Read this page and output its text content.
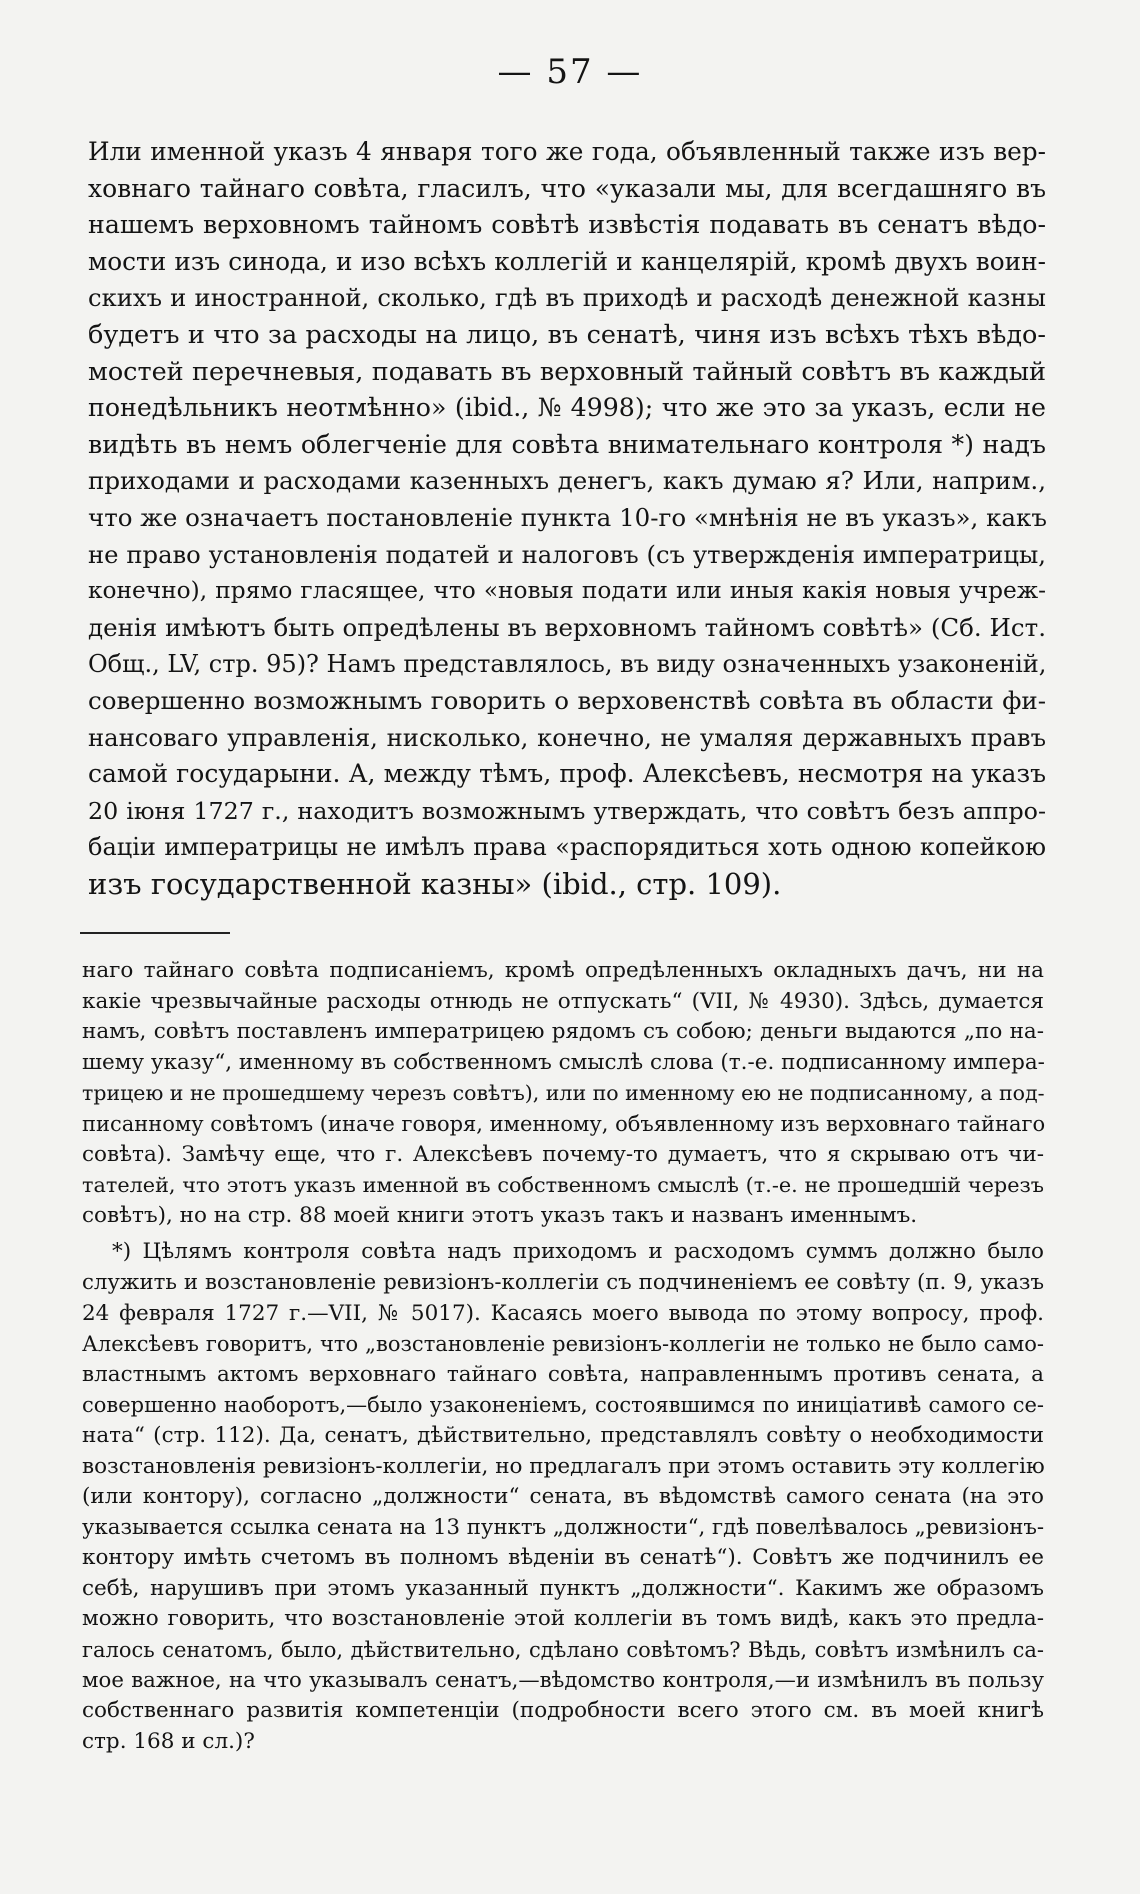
— 57 —
Или именной указъ 4 января того же года, объявленный также изъ вер-
ховнаго тайнаго совѣта, гласилъ, что «указали мы, для всегдашняго въ
нашемъ верховномъ тайномъ совѣтѣ извѣстія подавать въ сенатъ вѣдо-
мости изъ синода, и изо всѣхъ коллегій и канцелярій, кромѣ двухъ воин-
скихъ и иностранной, сколько, гдѣ въ приходѣ и расходѣ денежной казны
будетъ и что за расходы на лицо, въ сенатѣ, чиня изъ всѣхъ тѣхъ вѣдо-
мостей перечневыя, подавать въ верховный тайный совѣтъ въ каждый
понедѣльникъ неотмѣнно» (ibid., № 4998); что же это за указъ, если не
видѣть въ немъ облегченіе для совѣта внимательнаго контроля *) надъ
приходами и расходами казенныхъ денегъ, какъ думаю я? Или, наприм.,
что же означаетъ постановленіе пункта 10-го «мнѣнія не въ указъ», какъ
не право установленія податей и налоговъ (съ утвержденія императрицы,
конечно), прямо гласящее, что «новыя подати или иныя какія новыя учреж-
денія имѣютъ быть опредѣлены въ верховномъ тайномъ совѣтѣ» (Сб. Ист.
Общ., LV, стр. 95)? Намъ представлялось, въ виду означенныхъ узаконеній,
совершенно возможнымъ говорить о верховенствѣ совѣта въ области фи-
нансоваго управленія, нисколько, конечно, не умаляя державныхъ правъ
самой государыни. А, между тѣмъ, проф. Алексѣевъ, несмотря на указъ
20 іюня 1727 г., находитъ возможнымъ утверждать, что совѣтъ безъ аппро-
баціи императрицы не имѣлъ права «распорядиться хоть одною копейкою
изъ государственной казны» (ibid., стр. 109).
наго тайнаго совѣта подписаніемъ, кромѣ опредѣленныхъ окладныхъ дачъ, ни на
какіе чрезвычайные расходы отнюдь не отпускать“ (VII, № 4930). Здѣсь, думается
намъ, совѣтъ поставленъ императрицею рядомъ съ собою; деньги выдаются „по на-
шему указу“, именному въ собственномъ смыслѣ слова (т.-е. подписанному импера-
трицею и не прошедшему черезъ совѣтъ), или по именному ею не подписанному, а под-
писанному совѣтомъ (иначе говоря, именному, объявленному изъ верховнаго тайнаго
совѣта). Замѣчу еще, что г. Алексѣевъ почему-то думаетъ, что я скрываю отъ чи-
тателей, что этотъ указъ именной въ собственномъ смыслѣ (т.-е. не прошедшій черезъ
совѣтъ), но на стр. 88 моей книги этотъ указъ такъ и названъ именнымъ.
*) Цѣлямъ контроля совѣта надъ приходомъ и расходомъ суммъ должно было
служить и возстановленіе ревизіонъ-коллегіи съ подчиненіемъ ее совѣту (п. 9, указъ
24 февраля 1727 г.—VII, № 5017). Касаясь моего вывода по этому вопросу, проф.
Алексѣевъ говоритъ, что „возстановленіе ревизіонъ-коллегіи не только не было само-
властнымъ актомъ верховнаго тайнаго совѣта, направленнымъ противъ сената, а
совершенно наоборотъ,—было узаконеніемъ, состоявшимся по иниціативѣ самого се-
ната“ (стр. 112). Да, сенатъ, дѣйствительно, представлялъ совѣту о необходимости
возстановленія ревизіонъ-коллегіи, но предлагалъ при этомъ оставить эту коллегію
(или контору), согласно „должности“ сената, въ вѣдомствѣ самого сената (на это
указывается ссылка сената на 13 пунктъ „должности“, гдѣ повелѣвалось „ревизіонъ-
контору имѣть счетомъ въ полномъ вѣденіи въ сенатѣ“). Совѣтъ же подчинилъ ее
себѣ, нарушивъ при этомъ указанный пунктъ „должности“. Какимъ же образомъ
можно говорить, что возстановленіе этой коллегіи въ томъ видѣ, какъ это предла-
галось сенатомъ, было, дѣйствительно, сдѣлано совѣтомъ? Вѣдь, совѣтъ измѣнилъ са-
мое важное, на что указывалъ сенатъ,—вѣдомство контроля,—и измѣнилъ въ пользу
собственнаго развитія компетенціи (подробности всего этого см. въ моей книгѣ
стр. 168 и сл.)?
